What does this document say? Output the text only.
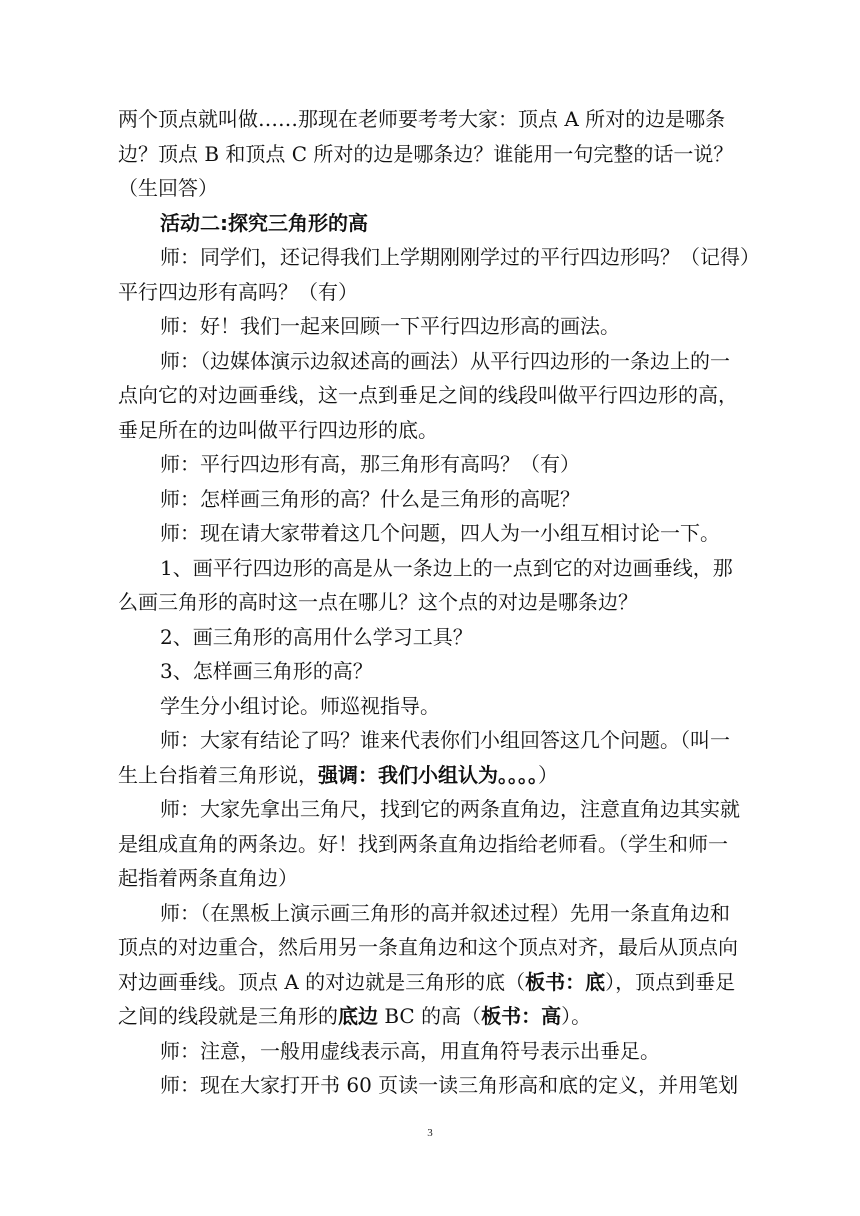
两个顶点就叫做……那现在老师要考考大家：顶点 A 所对的边是哪条
边？顶点 B 和顶点 C 所对的边是哪条边？谁能用一句完整的话一说？
（生回答）
活动二:探究三角形的高
师：同学们，还记得我们上学期刚刚学过的平行四边形吗？（记得）
平行四边形有高吗？（有）
师：好！我们一起来回顾一下平行四边形高的画法。
师：（边媒体演示边叙述高的画法）从平行四边形的一条边上的一
点向它的对边画垂线，这一点到垂足之间的线段叫做平行四边形的高，
垂足所在的边叫做平行四边形的底。
师：平行四边形有高，那三角形有高吗？（有）
师：怎样画三角形的高？什么是三角形的高呢？
师：现在请大家带着这几个问题，四人为一小组互相讨论一下。
1、画平行四边形的高是从一条边上的一点到它的对边画垂线，那
么画三角形的高时这一点在哪儿？这个点的对边是哪条边？
2、画三角形的高用什么学习工具？
3、怎样画三角形的高？
学生分小组讨论。师巡视指导。
师：大家有结论了吗？谁来代表你们小组回答这几个问题。（叫一
生上台指着三角形说，强调：我们小组认为。。。。）
师：大家先拿出三角尺，找到它的两条直角边，注意直角边其实就
是组成直角的两条边。好！找到两条直角边指给老师看。（学生和师一
起指着两条直角边）
师：（在黑板上演示画三角形的高并叙述过程）先用一条直角边和
顶点的对边重合，然后用另一条直角边和这个顶点对齐，最后从顶点向
对边画垂线。顶点 A 的对边就是三角形的底（板书：底），顶点到垂足
之间的线段就是三角形的底边 BC 的高（板书：高）。
师：注意，一般用虚线表示高，用直角符号表示出垂足。
师：现在大家打开书 60 页读一读三角形高和底的定义，并用笔划
3
